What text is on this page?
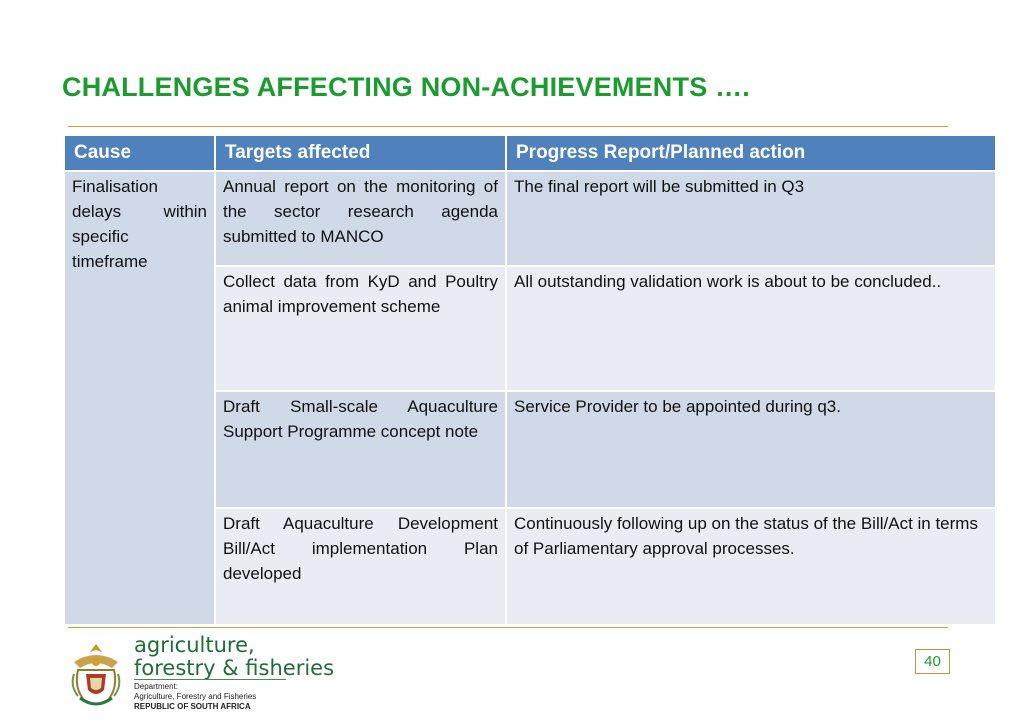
CHALLENGES AFFECTING NON-ACHIEVEMENTS ….
Cause	Targets affected	Progress Report/Planned action
Finalisation delays within specific timeframe	Annual report on the monitoring of the sector research agenda submitted to MANCO	The final report will be submitted in Q3
	Collect data from KyD and Poultry animal improvement scheme	All outstanding validation work is about to be concluded..
	Draft Small-scale Aquaculture Support Programme concept note	Service Provider to be appointed during q3.
	Draft Aquaculture Development Bill/Act implementation Plan developed	Continuously following up on the status of the Bill/Act in terms of Parliamentary approval processes.
40
agriculture,
forestry & fisheries
Department:
Agriculture, Forestry and Fisheries
REPUBLIC OF SOUTH AFRICA
